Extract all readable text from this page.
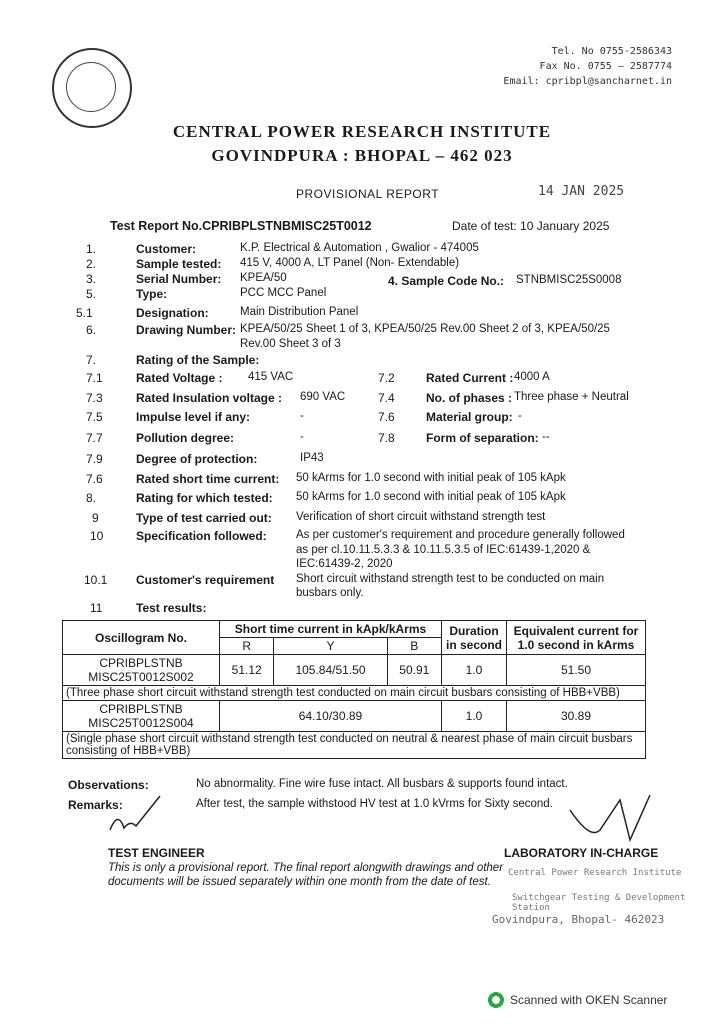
Tel. No 0755-2586343
Fax No. 0755 – 2587774
Email: cpribpl@sancharnet.in
CENTRAL POWER RESEARCH INSTITUTE
GOVINDPURA : BHOPAL – 462 023
PROVISIONAL REPORT	14 JAN 2025
Test Report No.CPRIBPLSTNBMISC25T0012	Date of test: 10 January 2025
1.	Customer:	K.P. Electrical & Automation , Gwalior - 474005
2.	Sample tested: 415 V, 4000 A, LT Panel (Non- Extendable)
3.	Serial Number: KPEA/50	4. Sample Code No.: STNBMISC25S0008
5.	Type:	PCC MCC Panel
5.1	Designation:	Main Distribution Panel
6.	Drawing Number: KPEA/50/25 Sheet 1 of 3, KPEA/50/25 Rev.00 Sheet 2 of 3, KPEA/50/25
Rev.00 Sheet 3 of 3
7.	Rating of the Sample:
7.1	Rated Voltage : 415 VAC	7.2	Rated Current : 4000 A
7.3	Rated Insulation voltage : 690 VAC	7.4	No. of phases : Three phase + Neutral
7.5	Impulse level if any:	-	7.6	Material group: -
7.7	Pollution degree:	-	7.8	Form of separation: --
7.9	Degree of protection:	IP43
7.6	Rated short time current: 50 kArms for 1.0 second with initial peak of 105 kApk
8.	Rating for which tested: 50 kArms for 1.0 second with initial peak of 105 kApk
9	Type of test carried out: Verification of short circuit withstand strength test
10	Specification followed:	As per customer's requirement and procedure generally followed
as per cl.10.11.5.3.3 & 10.11.5.3.5 of IEC:61439-1,2020 &
IEC:61439-2, 2020
10.1 Customer's requirement Short circuit withstand strength test to be conducted on main
busbars only.
11	Test results:
Oscillogram No.	Short time current in kApk/kArms			Duration in second	Equivalent current for 1.0 second in kArms
	R	Y	B		

CPRIBPLSTNB
MISC25T0012S002	51.12	105.84/51.50	50.91	1.0	51.50
(Three phase short circuit withstand strength test conducted on main circuit busbars consisting of HBB+VBB)					

CPRIBPLSTNB
MISC25T0012S004	64.10/30.89			1.0	30.89
(Single phase short circuit withstand strength test conducted on neutral & nearest phase of main circuit busbars consisting of HBB+VBB)					
Observations:	No abnormality. Fine wire fuse intact. All busbars & supports found intact.
Remarks:	After test, the sample withstood HV test at 1.0 kVrms for Sixty second.
TEST ENGINEER	LABORATORY IN-CHARGE
This is only a provisional report. The final report alongwith drawings and other
documents will be issued separately within one month from the date of test.
Central Power Research Institute
Switchgear Testing & Development Station
Govindpura, Bhopal- 462023
Scanned with OKEN Scanner
